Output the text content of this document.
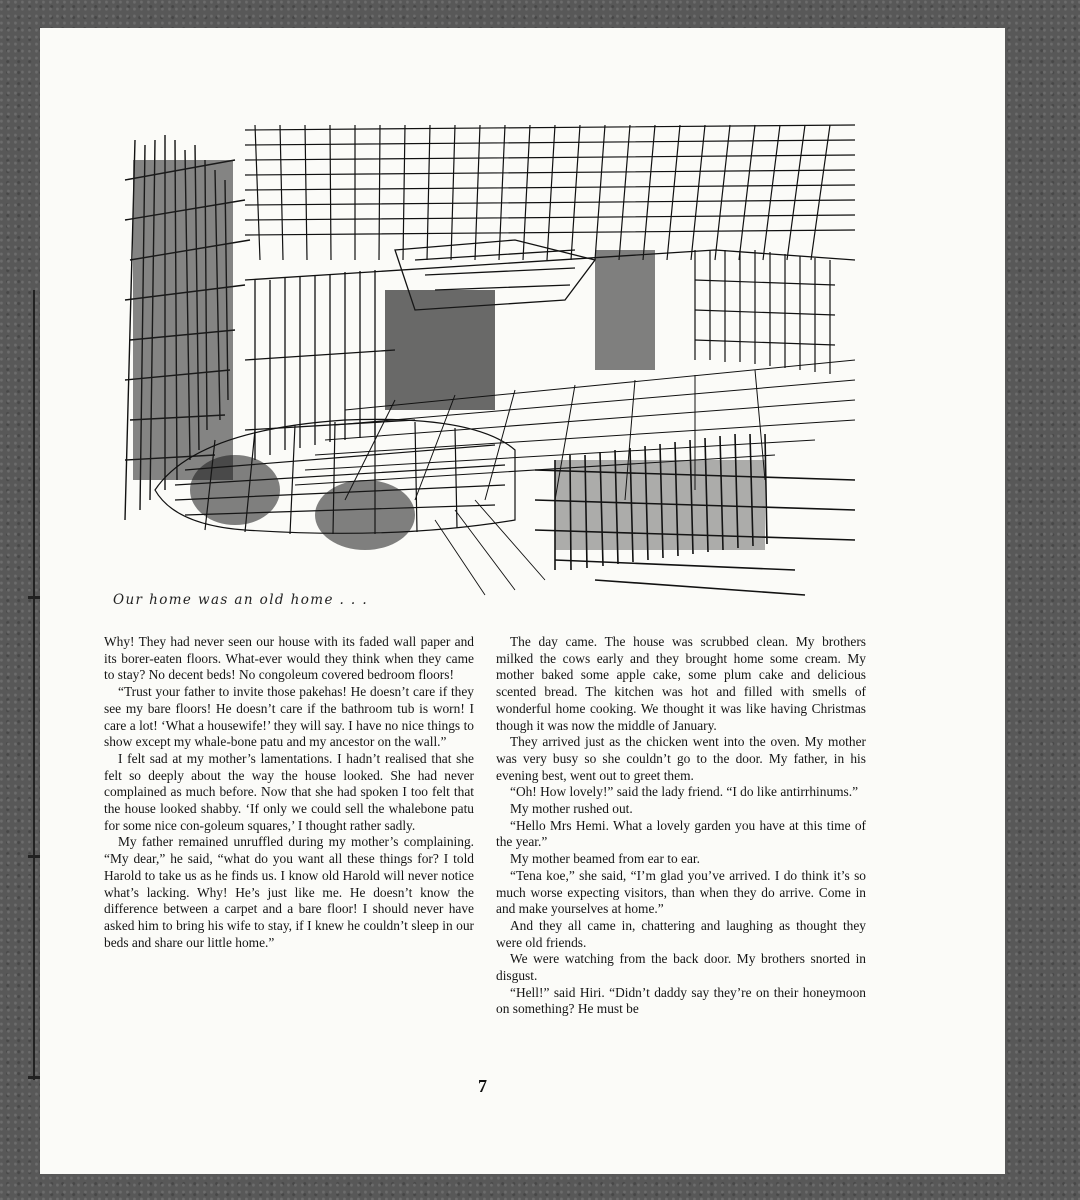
Our home was an old home . . .

Why! They had never seen our house with its faded wall paper and its borer-eaten floors. What-ever would they think when they came to stay? No decent beds! No congoleum covered bedroom floors!

“Trust your father to invite those pakehas! He doesn’t care if they see my bare floors! He doesn’t care if the bathroom tub is worn! I care a lot! ‘What a housewife!’ they will say. I have no nice things to show except my whale-bone patu and my ancestor on the wall.”

I felt sad at my mother’s lamentations. I hadn’t realised that she felt so deeply about the way the house looked. She had never complained as much before. Now that she had spoken I too felt that the house looked shabby. ‘If only we could sell the whalebone patu for some nice con-goleum squares,’ I thought rather sadly.

My father remained unruffled during my mother’s complaining. “My dear,” he said, “what do you want all these things for? I told Harold to take us as he finds us. I know old Harold will never notice what’s lacking. Why! He’s just like me. He doesn’t know the difference between a carpet and a bare floor! I should never have asked him to bring his wife to stay, if I knew he couldn’t sleep in our beds and share our little home.”

The day came. The house was scrubbed clean. My brothers milked the cows early and they brought home some cream. My mother baked some apple cake, some plum cake and delicious scented bread. The kitchen was hot and filled with smells of wonderful home cooking. We thought it was like having Christmas though it was now the middle of January.

They arrived just as the chicken went into the oven. My mother was very busy so she couldn’t go to the door. My father, in his evening best, went out to greet them.

“Oh! How lovely!” said the lady friend. “I do like antirrhinums.”

My mother rushed out.

“Hello Mrs Hemi. What a lovely garden you have at this time of the year.”

My mother beamed from ear to ear.

“Tena koe,” she said, “I’m glad you’ve arrived. I do think it’s so much worse expecting visitors, than when they do arrive. Come in and make yourselves at home.”

And they all came in, chattering and laughing as thought they were old friends.

We were watching from the back door. My brothers snorted in disgust.

“Hell!” said Hiri. “Didn’t daddy say they’re on their honeymoon on something? He must be

7
